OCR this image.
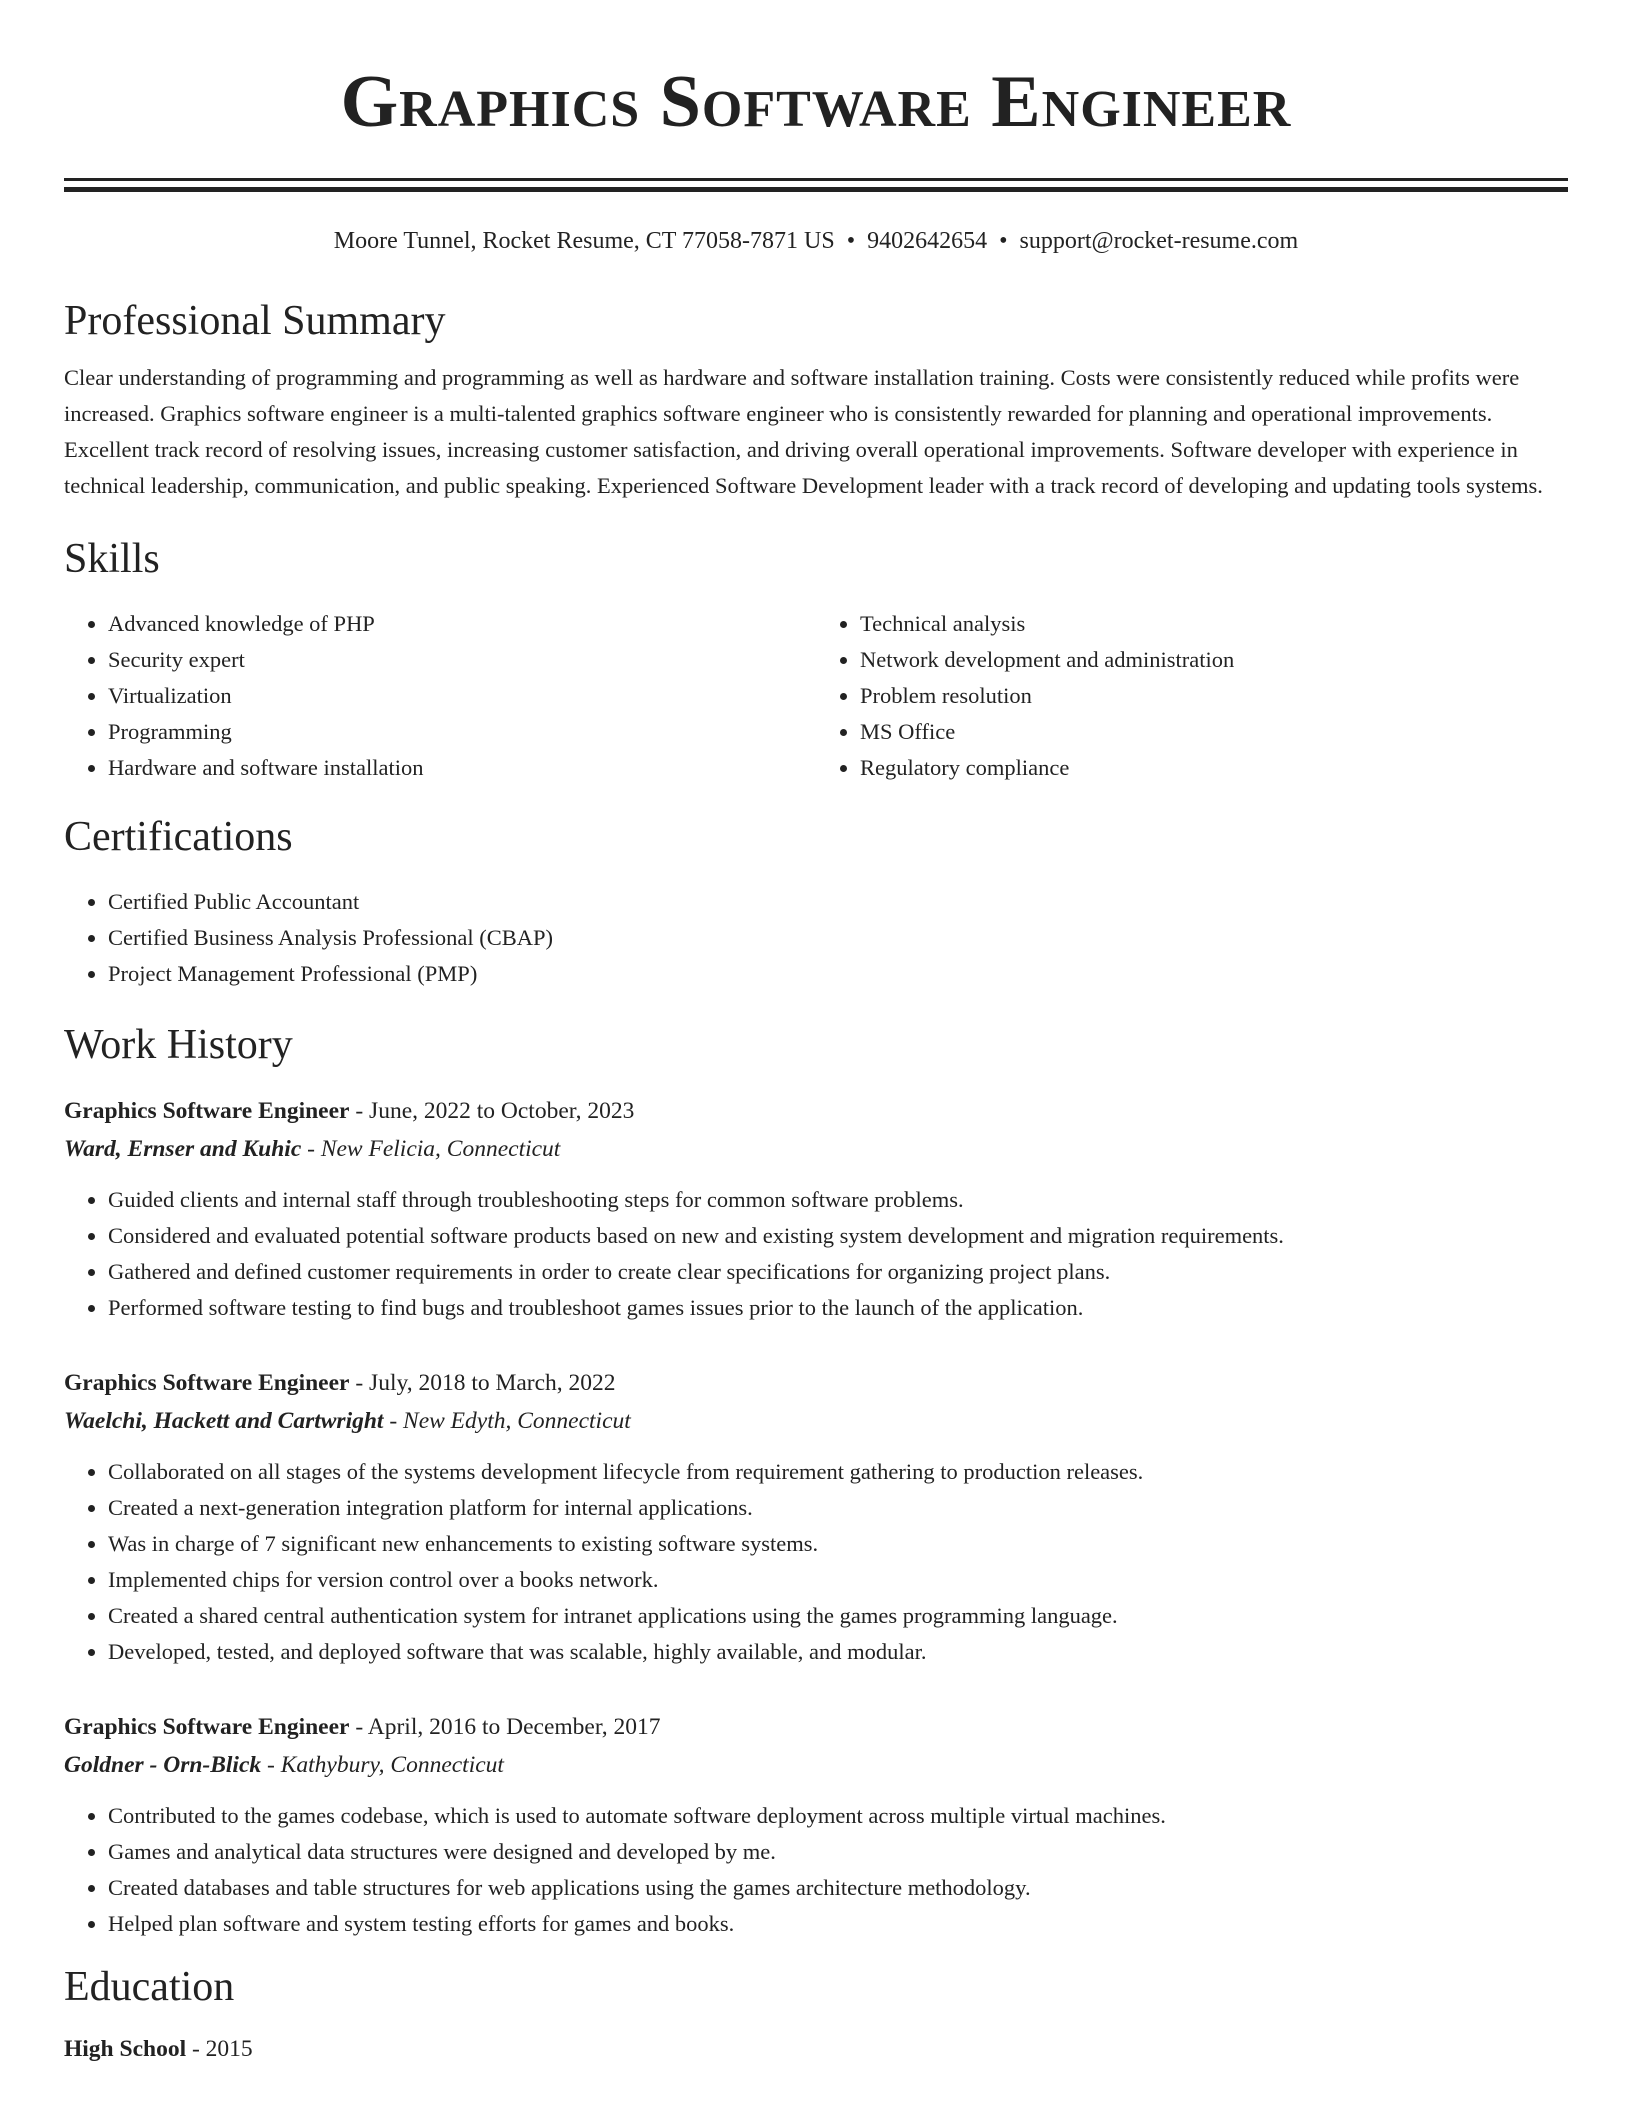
Graphics Software Engineer
Moore Tunnel, Rocket Resume, CT 77058-7871 US • 9402642654 • support@rocket-resume.com
Professional Summary

Clear understanding of programming and programming as well as hardware and software installation training. Costs were consistently reduced while profits were increased. Graphics software engineer is a multi-talented graphics software engineer who is consistently rewarded for planning and operational improvements. Excellent track record of resolving issues, increasing customer satisfaction, and driving overall operational improvements. Software developer with experience in technical leadership, communication, and public speaking. Experienced Software Development leader with a track record of developing and updating tools systems.

Skills
• Advanced knowledge of PHP
• Security expert
• Virtualization
• Programming
• Hardware and software installation
• Technical analysis
• Network development and administration
• Problem resolution
• MS Office
• Regulatory compliance
Certifications
• Certified Public Accountant
• Certified Business Analysis Professional (CBAP)
• Project Management Professional (PMP)
Work History
Graphics Software Engineer - June, 2022 to October, 2023
Ward, Ernser and Kuhic - New Felicia, Connecticut
• Guided clients and internal staff through troubleshooting steps for common software problems.
• Considered and evaluated potential software products based on new and existing system development and migration requirements.
• Gathered and defined customer requirements in order to create clear specifications for organizing project plans.
• Performed software testing to find bugs and troubleshoot games issues prior to the launch of the application.
Graphics Software Engineer - July, 2018 to March, 2022
Waelchi, Hackett and Cartwright - New Edyth, Connecticut
• Collaborated on all stages of the systems development lifecycle from requirement gathering to production releases.
• Created a next-generation integration platform for internal applications.
• Was in charge of 7 significant new enhancements to existing software systems.
• Implemented chips for version control over a books network.
• Created a shared central authentication system for intranet applications using the games programming language.
• Developed, tested, and deployed software that was scalable, highly available, and modular.
Graphics Software Engineer - April, 2016 to December, 2017
Goldner - Orn-Blick - Kathybury, Connecticut
• Contributed to the games codebase, which is used to automate software deployment across multiple virtual machines.
• Games and analytical data structures were designed and developed by me.
• Created databases and table structures for web applications using the games architecture methodology.
• Helped plan software and system testing efforts for games and books.
Education
High School - 2015
